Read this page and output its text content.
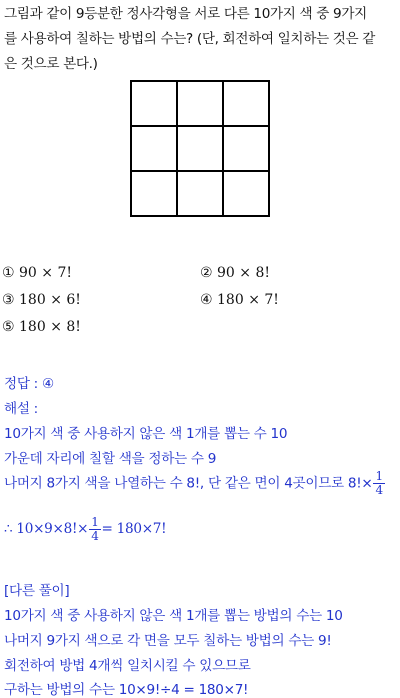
그림과 같이 9등분한 정사각형을 서로 다른 10가지 색 중 9가지
를 사용하여 칠하는 방법의 수는? (단, 회전하여 일치하는 것은 같
은 것으로 본다.)
① 90 × 7!	② 90 × 8!
③ 180 × 6!	④ 180 × 7!
⑤ 180 × 8!
정답 : ④
해설 :
10가지 색 중 사용하지 않은 색 1개를 뽑는 수 10
가운데 자리에 칠할 색을 정하는 수 9
나머지 8가지 색을 나열하는 수 8!, 단 같은 면이 4곳이므로 $8!\times \frac{1}{4}$
∴ $10\times 9\times 8!\times \frac{1}{4} = 180\times 7$!
[다른 풀이]
10가지 색 중 사용하지 않은 색 1개를 뽑는 방법의 수는 10
나머지 9가지 색으로 각 면을 모두 칠하는 방법의 수는 9!
회전하여 방법 4개씩 일치시킬 수 있으므로
구하는 방법의 수는 10×9!÷4 = 180×7!
